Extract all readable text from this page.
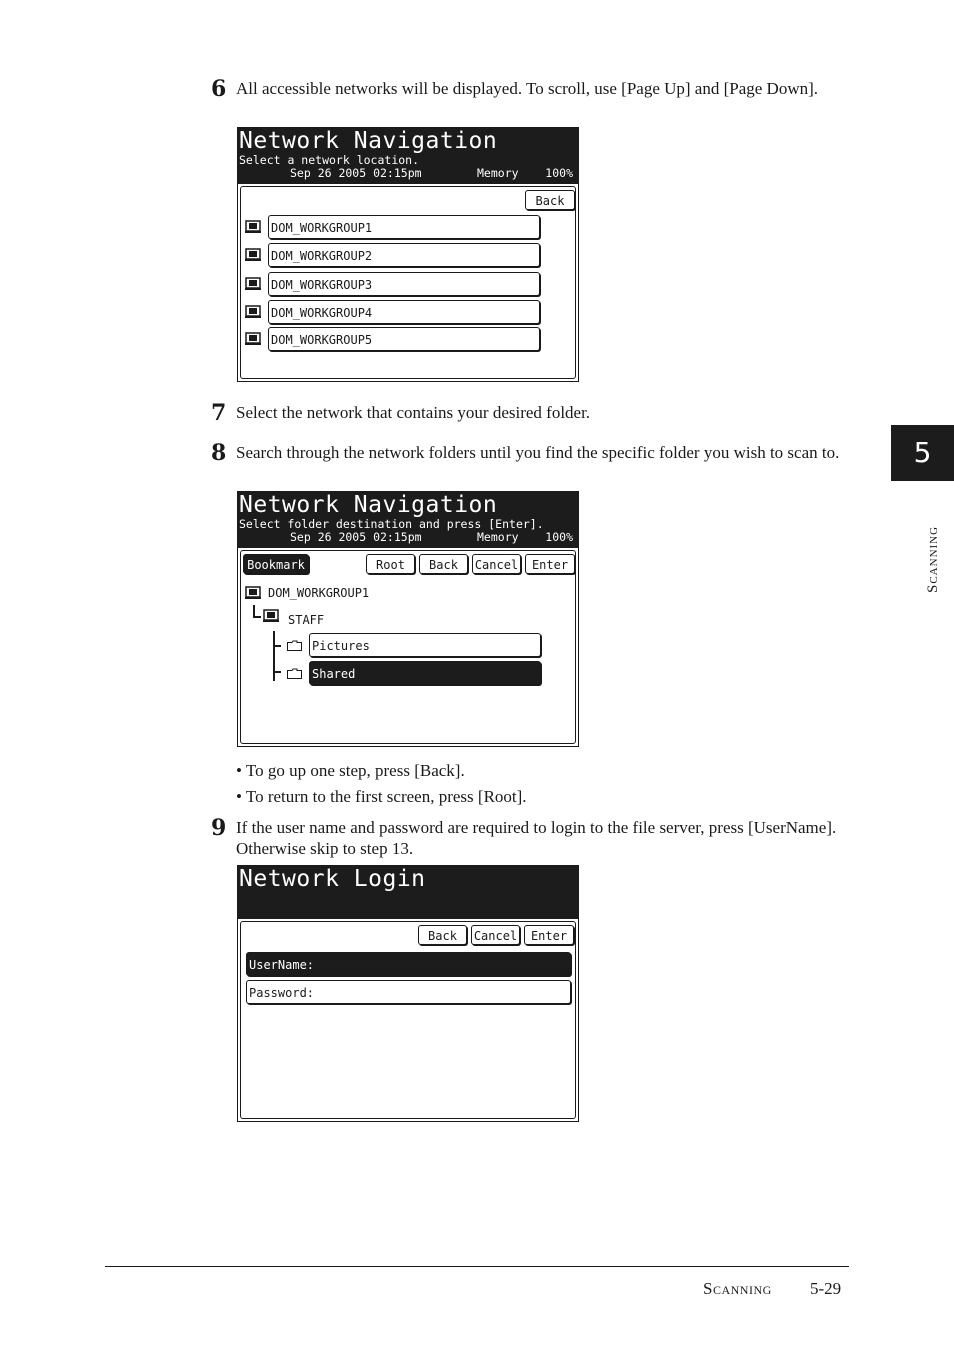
6 All accessible networks will be displayed. To scroll, use [Page Up] and [Page Down].
Network Navigation
Select a network location.
Sep 26 2005 02:15pm	Memory 100%
Back
DOM_WORKGROUP1
DOM_WORKGROUP2
DOM_WORKGROUP3
DOM_WORKGROUP4
DOM_WORKGROUP5
7 Select the network that contains your desired folder.
8 Search through the network folders until you find the specific folder you wish to scan to.
Network Navigation
Select folder destination and press [Enter].
Sep 26 2005 02:15pm	Memory 100%
Bookmark	Root	Back	Cancel	Enter
DOM_WORKGROUP1
STAFF
Pictures
Shared
• To go up one step, press [Back].
• To return to the first screen, press [Root].
9 If the user name and password are required to login to the file server, press [UserName]. Otherwise skip to step 13.
Network Login
Back	Cancel	Enter
UserName:
Password:
5
Scanning
Scanning 5-29
